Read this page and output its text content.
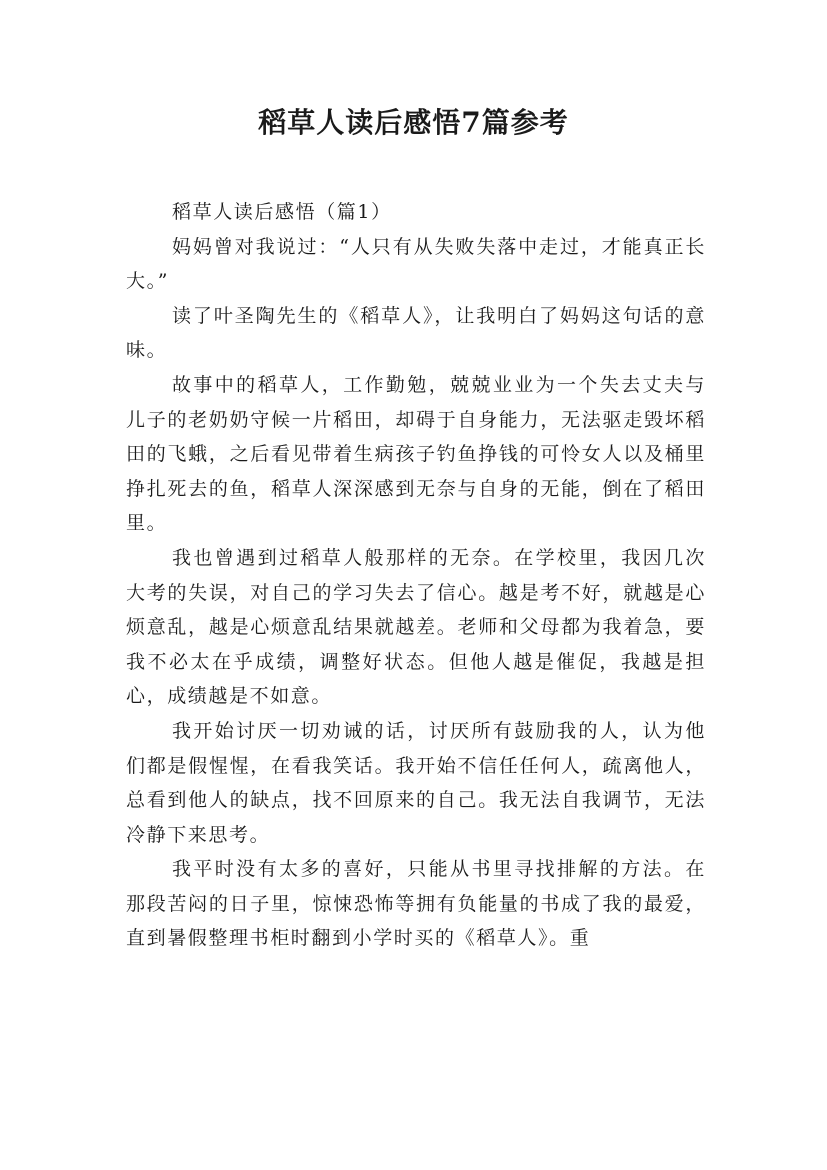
稻草人读后感悟7篇参考

稻草人读后感悟（篇1）

妈妈曾对我说过：“人只有从失败失落中走过，才能真正长大。”

读了叶圣陶先生的《稻草人》，让我明白了妈妈这句话的意味。

故事中的稻草人，工作勤勉，兢兢业业为一个失去丈夫与儿子的老奶奶守候一片稻田，却碍于自身能力，无法驱走毁坏稻田的飞蛾，之后看见带着生病孩子钓鱼挣钱的可怜女人以及桶里挣扎死去的鱼，稻草人深深感到无奈与自身的无能，倒在了稻田里。

我也曾遇到过稻草人般那样的无奈。在学校里，我因几次大考的失误，对自己的学习失去了信心。越是考不好，就越是心烦意乱，越是心烦意乱结果就越差。老师和父母都为我着急，要我不必太在乎成绩，调整好状态。但他人越是催促，我越是担心，成绩越是不如意。

我开始讨厌一切劝诫的话，讨厌所有鼓励我的人，认为他们都是假惺惺，在看我笑话。我开始不信任任何人，疏离他人，总看到他人的缺点，找不回原来的自己。我无法自我调节，无法冷静下来思考。

我平时没有太多的喜好，只能从书里寻找排解的方法。在那段苦闷的日子里，惊悚恐怖等拥有负能量的书成了我的最爱，直到暑假整理书柜时翻到小学时买的《稻草人》。重
